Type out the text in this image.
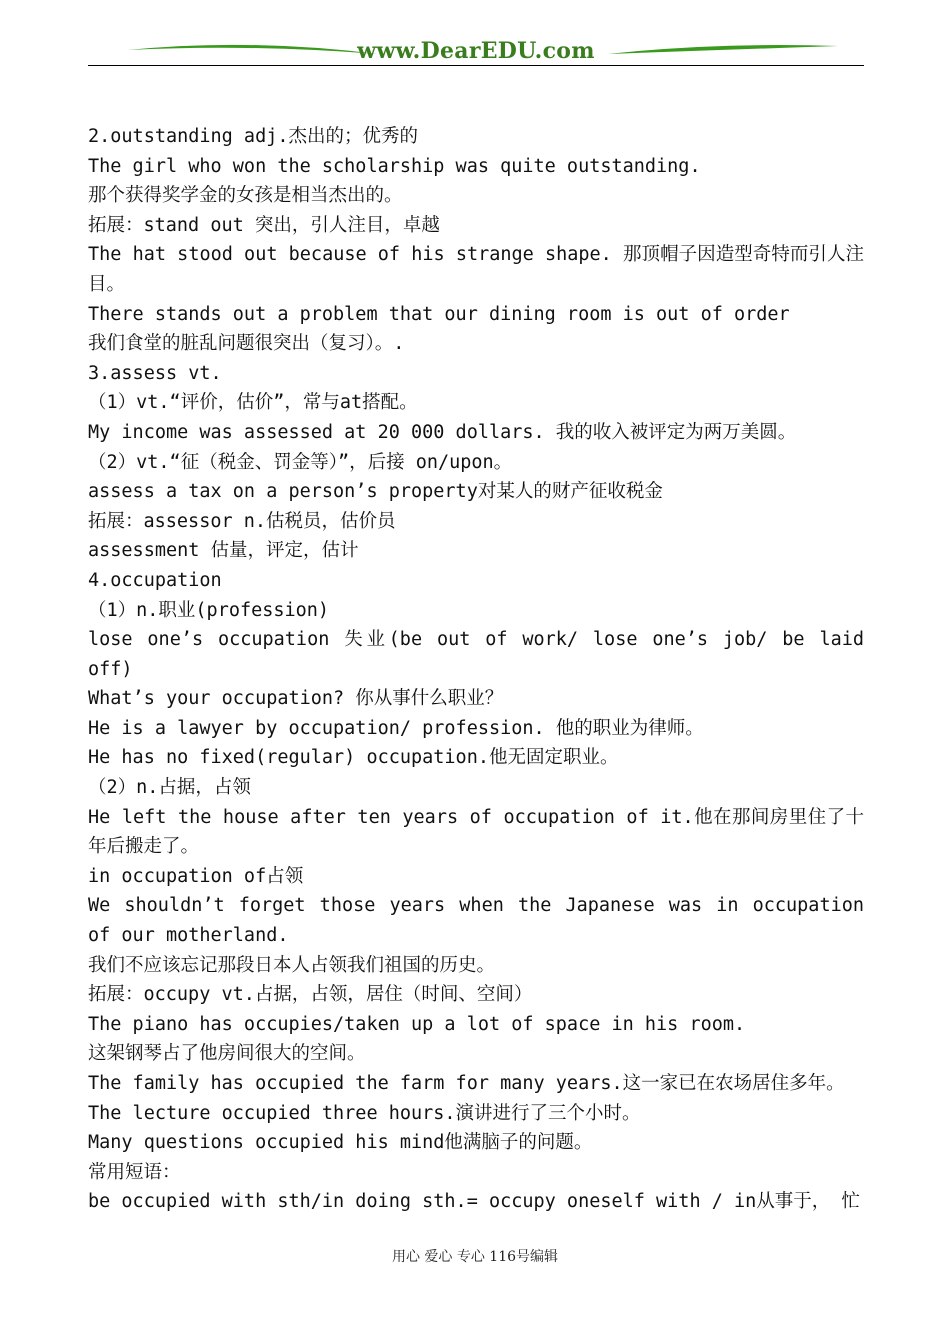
www.DearEDU.com
2.outstanding adj.杰出的；优秀的
The girl who won the scholarship was quite outstanding.
那个获得奖学金的女孩是相当杰出的。
拓展：stand out 突出，引人注目，卓越
The hat stood out because of his strange shape. 那顶帽子因造型奇特而引人注目。
There stands out a problem that our dining room is out of order
我们食堂的脏乱问题很突出（复习）。.
3.assess vt.
（1）vt.“评价，估价”，常与at搭配。
My income was assessed at 20 000 dollars. 我的收入被评定为两万美圆。
（2）vt.“征（税金、罚金等）”，后接 on/upon。
assess a tax on a person’s property对某人的财产征收税金
拓展：assessor n.估税员，估价员
assessment 估量，评定，估计
4.occupation
（1）n.职业(profession)
lose one’s occupation 失业(be out of work/ lose one’s job/ be laid off)
What’s your occupation? 你从事什么职业？
He is a lawyer by occupation/ profession. 他的职业为律师。
He has no fixed(regular) occupation.他无固定职业。
（2）n.占据，占领
He left the house after ten years of occupation of it.他在那间房里住了十年后搬走了。
in occupation of占领
We shouldn’t forget those years when the Japanese was in occupation of our motherland.
我们不应该忘记那段日本人占领我们祖国的历史。
拓展：occupy vt.占据，占领，居住（时间、空间）
The piano has occupies/taken up a lot of space in his room.
这架钢琴占了他房间很大的空间。
The family has occupied the farm for many years.这一家已在农场居住多年。
The lecture occupied three hours.演讲进行了三个小时。
Many questions occupied his mind他满脑子的问题。
常用短语：
be occupied with sth/in doing sth.= occupy oneself with / in从事于， 忙
用心 爱心 专心 116号编辑
